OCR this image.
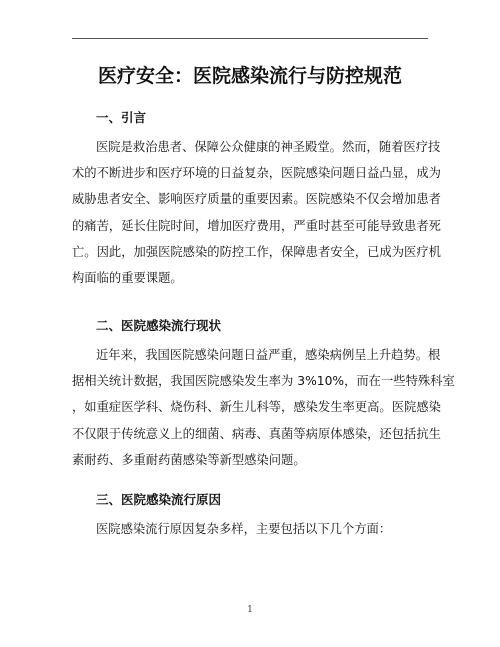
医疗安全：医院感染流行与防控规范
一、引言
医院是救治患者、保障公众健康的神圣殿堂。然而，随着医疗技
术的不断进步和医疗环境的日益复杂，医院感染问题日益凸显，成为
威胁患者安全、影响医疗质量的重要因素。医院感染不仅会增加患者
的痛苦，延长住院时间，增加医疗费用，严重时甚至可能导致患者死
亡。因此，加强医院感染的防控工作，保障患者安全，已成为医疗机
构面临的重要课题。
二、医院感染流行现状
近年来，我国医院感染问题日益严重，感染病例呈上升趋势。根
据相关统计数据，我国医院感染发生率为 3%10%，而在一些特殊科室
，如重症医学科、烧伤科、新生儿科等，感染发生率更高。医院感染
不仅限于传统意义上的细菌、病毒、真菌等病原体感染，还包括抗生
素耐药、多重耐药菌感染等新型感染问题。
三、医院感染流行原因
医院感染流行原因复杂多样，主要包括以下几个方面：
1
